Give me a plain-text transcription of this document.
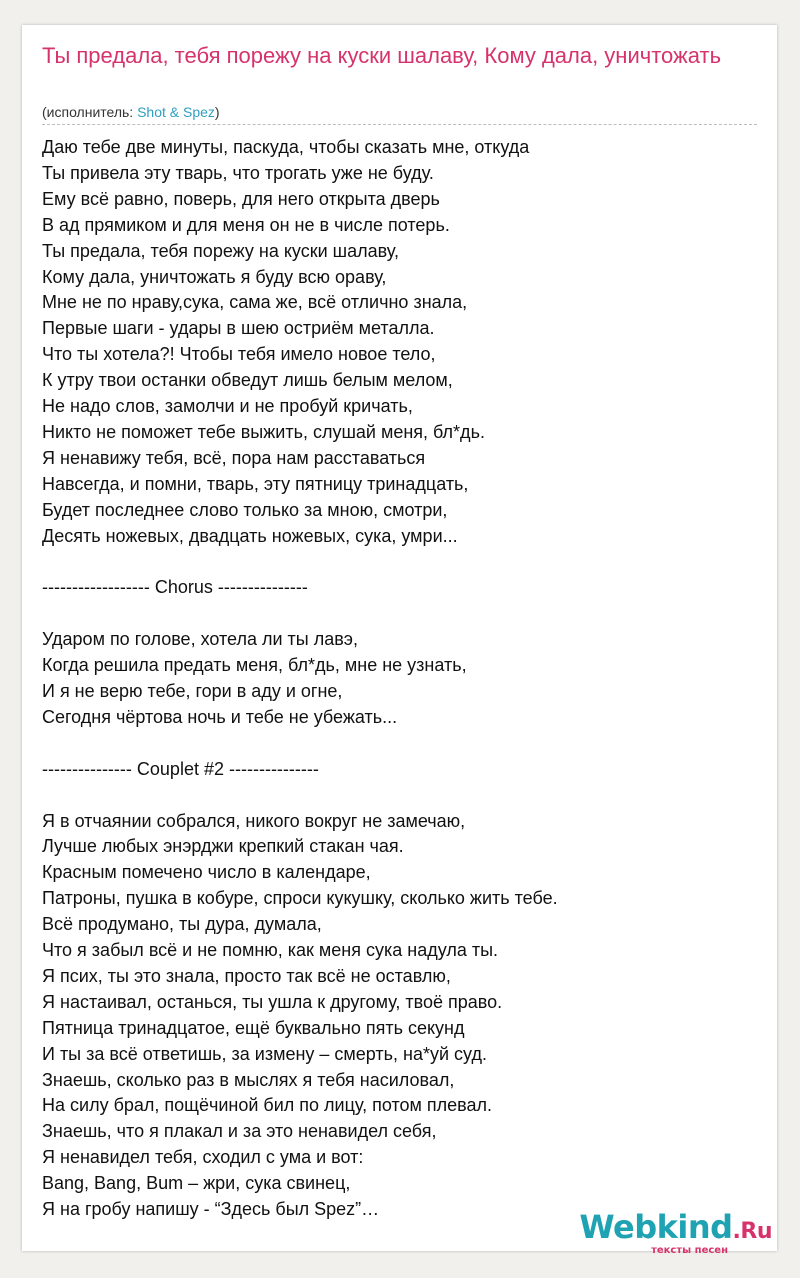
Ты предала, тебя порежу на куски шалаву, Кому дала, уничтожать
(исполнитель: Shot & Spez)
Даю тебе две минуты, паскуда, чтобы сказать мне, откуда
Ты привела эту тварь, что трогать уже не буду.
Ему всё равно, поверь, для него открыта дверь
В ад прямиком и для меня он не в числе потерь.
Ты предала, тебя порежу на куски шалаву,
Кому дала, уничтожать я буду всю ораву,
Мне не по нраву,сука, сама же, всё отлично знала,
Первые шаги - удары в шею остриём металла.
Что ты хотела?! Чтобы тебя имело новое тело,
К утру твои останки обведут лишь белым мелом,
Не надо слов, замолчи и не пробуй кричать,
Никто не поможет тебе выжить, слушай меня, бл*дь.
Я ненавижу тебя, всё, пора нам расставаться
Навсегда, и помни, тварь, эту пятницу тринадцать,
Будет последнее слово только за мною, смотри,
Десять ножевых, двадцать ножевых, сука, умри...
------------------ Chorus ---------------
Ударом по голове, хотела ли ты лавэ,
Когда решила предать меня, бл*дь, мне не узнать,
И я не верю тебе, гори в аду и огне,
Сегодня чёртова ночь и тебе не убежать...
--------------- Couplet #2 ---------------
Я в отчаянии собрался, никого вокруг не замечаю,
Лучше любых энэрджи крепкий стакан чая.
Красным помечено число в календаре,
Патроны, пушка в кобуре, спроси кукушку, сколько жить тебе.
Всё продумано, ты дура, думала,
Что я забыл всё и не помню, как меня сука надула ты.
Я псих, ты это знала, просто так всё не оставлю,
Я настаивал, останься, ты ушла к другому, твоё право.
Пятница тринадцатое, ещё буквально пять секунд
И ты за всё ответишь, за измену – смерть, на*уй суд.
Знаешь, сколько раз в мыслях я тебя насиловал,
На силу брал, пощёчиной бил по лицу, потом плевал.
Знаешь, что я плакал и за это ненавидел себя,
Я ненавидел тебя, сходил с ума и вот:
Bang, Bang, Bum – жри, сука свинец,
Я на гробу напишу - “Здесь был Spez”…	Webkind.Ru
тексты песен
